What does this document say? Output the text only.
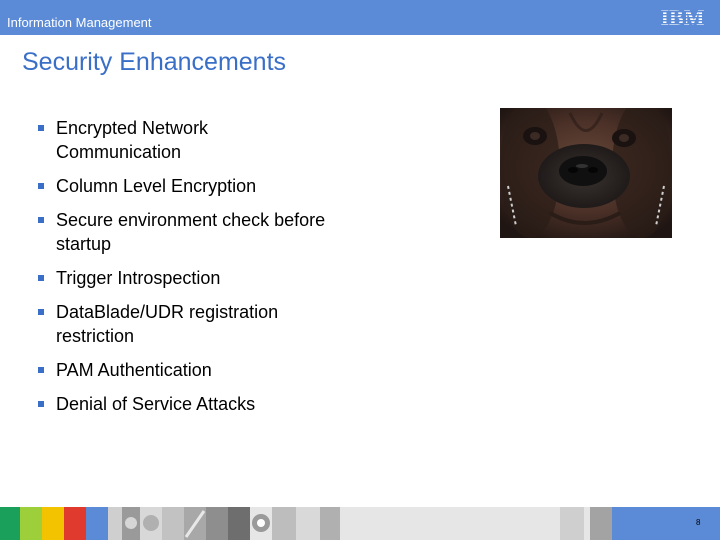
Information Management
Security Enhancements
Encrypted Network Communication
Column Level Encryption
Secure environment check before startup
Trigger Introspection
DataBlade/UDR registration restriction
PAM Authentication
Denial of Service Attacks
8
